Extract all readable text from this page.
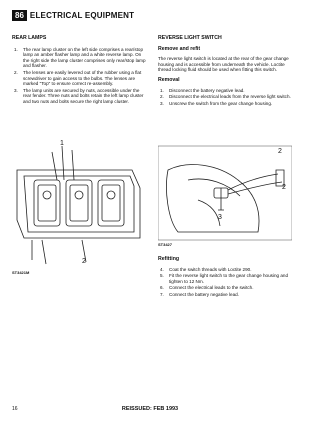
86 ELECTRICAL EQUIPMENT
REAR LAMPS
1. The rear lamp cluster on the left side comprises a rear/stop lamp an amber flasher lamp and a white reverse lamp. On the right side the lamp cluster comprises only rear/stop lamp and flasher.
2. The lenses are easily levered out of the rubber using a flat screwdriver to gain access to the bulbs. The lenses are marked "Top" to ensure correct re-assembly.
3. The lamp units are secured by nuts, accessible under the rear fender. Three nuts and bolts retain the left lamp cluster and two nuts and bolts secure the right lamp cluster.
1
2
ST3421M
REVERSE LIGHT SWITCH
Remove and refit

The reverse light switch is located at the rear of the gear change housing and is accessible from underneath the vehicle. Loctite thread locking fluid should be used when fitting this switch.

Removal
1. Disconnect the battery negative lead.
2. Disconnect the electrical leads from the reverse light switch.
3. Unscrew the switch from the gear change housing.
2
2
3
ST3427
Refitting
4. Coat the switch threads with Loctite 290.
5. Fit the reverse light switch to the gear change housing and tighten to 12 Nm.
6. Connect the electrical leads to the switch.
7. Connect the battery negative lead.
16	REISSUED: FEB 1993
